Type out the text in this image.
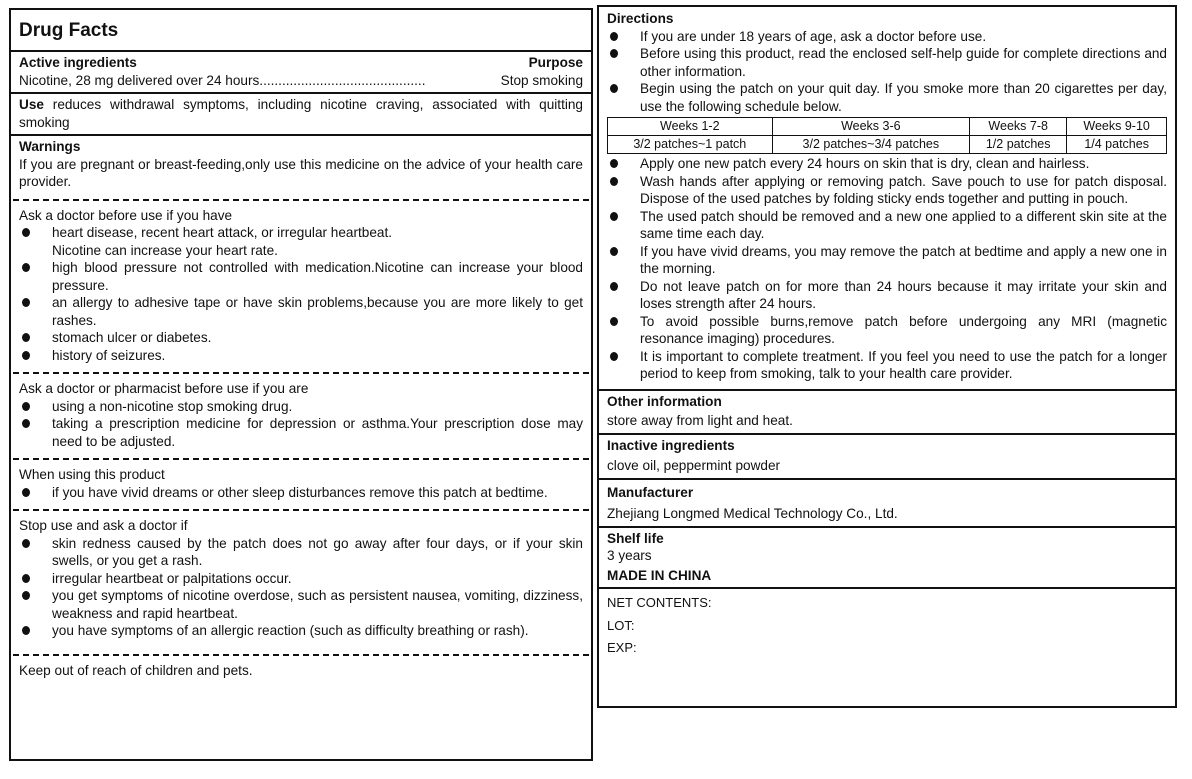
Drug Facts
Active ingredients	Purpose
Nicotine, 28 mg delivered over 24 hours............................................	Stop smoking
Use reduces withdrawal symptoms, including nicotine craving, associated with quitting smoking
Warnings
If you are pregnant or breast-feeding,only use this medicine on the advice of your health care provider.
Ask a doctor before use if you have
heart disease, recent heart attack, or irregular heartbeat.
Nicotine can increase your heart rate.
high blood pressure not controlled with medication.Nicotine can increase your blood pressure.
an allergy to adhesive tape or have skin problems,because you are more likely to get rashes.
stomach ulcer or diabetes.
history of seizures.
Ask a doctor or pharmacist before use if you are
using a non-nicotine stop smoking drug.
taking a prescription medicine for depression or asthma.Your prescription dose may need to be adjusted.
When using this product
if you have vivid dreams or other sleep disturbances remove this patch at bedtime.
Stop use and ask a doctor if
skin redness caused by the patch does not go away after four days, or if your skin swells, or you get a rash.
irregular heartbeat or palpitations occur.
you get symptoms of nicotine overdose, such as persistent nausea, vomiting, dizziness, weakness and rapid heartbeat.
you have symptoms of an allergic reaction (such as difficulty breathing or rash).
Keep out of reach of children and pets.
Directions
If you are under 18 years of age, ask a doctor before use.
Before using this product, read the enclosed self-help guide for complete directions and other information.
Begin using the patch on your quit day. If you smoke more than 20 cigarettes per day, use the following schedule below.
Weeks 1-2	Weeks 3-6	Weeks 7-8	Weeks 9-10
3/2 patches~1 patch	3/2 patches~3/4 patches	1/2 patches	1/4 patches
Apply one new patch every 24 hours on skin that is dry, clean and hairless.
Wash hands after applying or removing patch. Save pouch to use for patch disposal. Dispose of the used patches by folding sticky ends together and putting in pouch.
The used patch should be removed and a new one applied to a different skin site at the same time each day.
If you have vivid dreams, you may remove the patch at bedtime and apply a new one in the morning.
Do not leave patch on for more than 24 hours because it may irritate your skin and loses strength after 24 hours.
To avoid possible burns,remove patch before undergoing any MRI (magnetic resonance imaging) procedures.
It is important to complete treatment. If you feel you need to use the patch for a longer period to keep from smoking, talk to your health care provider.
Other information
store away from light and heat.
Inactive ingredients
clove oil, peppermint powder
Manufacturer
Zhejiang Longmed Medical Technology Co., Ltd.
Shelf life
3 years
MADE IN CHINA
NET CONTENTS:
LOT:
EXP:
